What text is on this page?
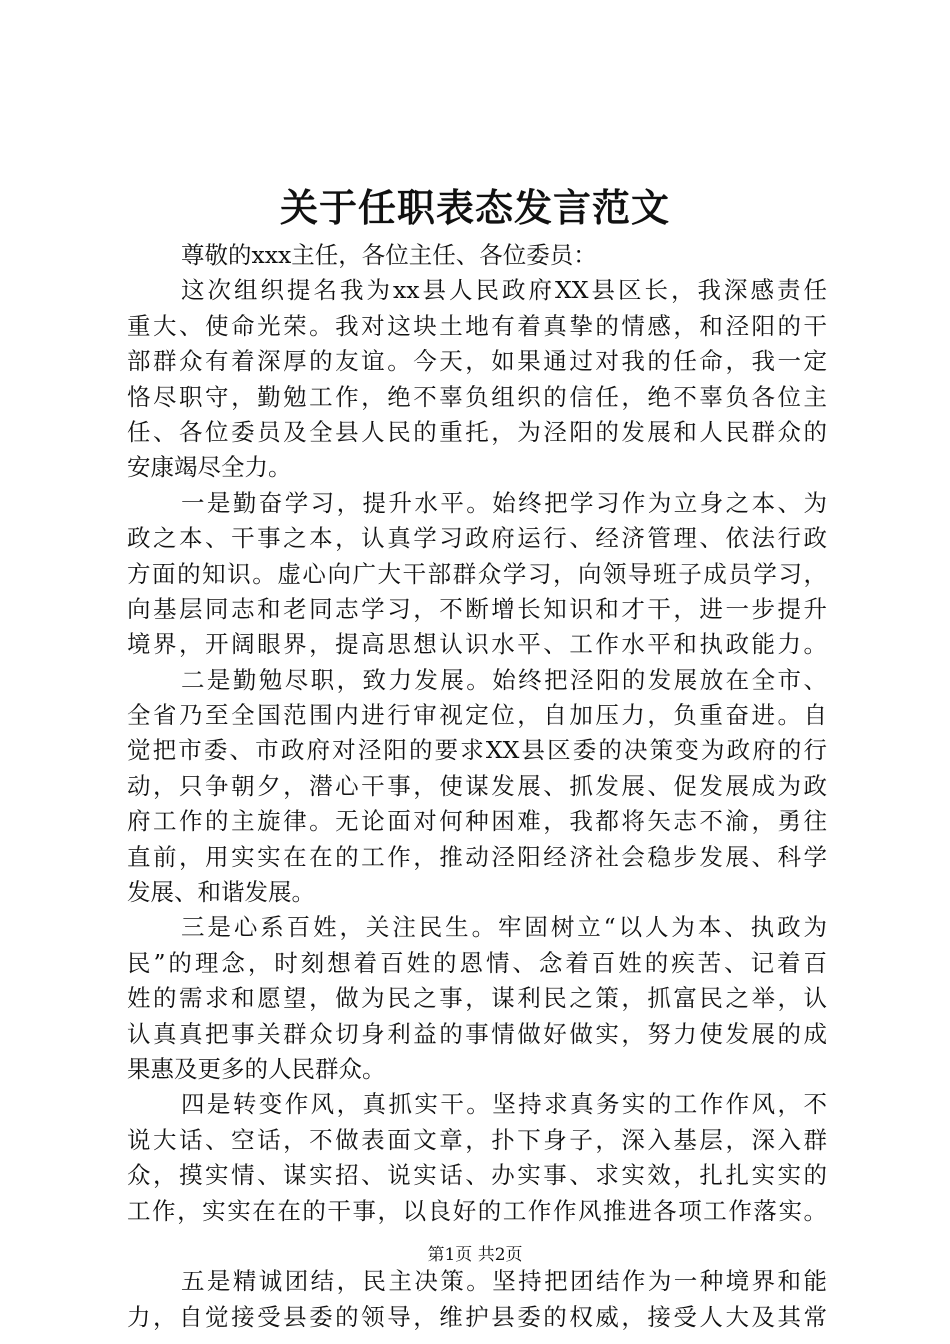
关于任职表态发言范文
尊敬的xxx主任，各位主任、各位委员：
这次组织提名我为xx县人民政府XX县区长，我深感责任
重大、使命光荣。我对这块土地有着真挚的情感，和泾阳的干
部群众有着深厚的友谊。今天，如果通过对我的任命，我一定
恪尽职守，勤勉工作，绝不辜负组织的信任，绝不辜负各位主
任、各位委员及全县人民的重托，为泾阳的发展和人民群众的
安康竭尽全力。
一是勤奋学习，提升水平。始终把学习作为立身之本、为
政之本、干事之本，认真学习政府运行、经济管理、依法行政
方面的知识。虚心向广大干部群众学习，向领导班子成员学习，
向基层同志和老同志学习，不断增长知识和才干，进一步提升
境界，开阔眼界，提高思想认识水平、工作水平和执政能力。
二是勤勉尽职，致力发展。始终把泾阳的发展放在全市、
全省乃至全国范围内进行审视定位，自加压力，负重奋进。自
觉把市委、市政府对泾阳的要求XX县区委的决策变为政府的行
动，只争朝夕，潜心干事，使谋发展、抓发展、促发展成为政
府工作的主旋律。无论面对何种困难，我都将矢志不渝，勇往
直前，用实实在在的工作，推动泾阳经济社会稳步发展、科学
发展、和谐发展。
三是心系百姓，关注民生。牢固树立“以人为本、执政为
民”的理念，时刻想着百姓的恩情、念着百姓的疾苦、记着百
姓的需求和愿望，做为民之事，谋利民之策，抓富民之举，认
认真真把事关群众切身利益的事情做好做实，努力使发展的成
果惠及更多的人民群众。
四是转变作风，真抓实干。坚持求真务实的工作作风，不
说大话、空话，不做表面文章，扑下身子，深入基层，深入群
众，摸实情、谋实招、说实话、办实事、求实效，扎扎实实的
工作，实实在在的干事，以良好的工作作风推进各项工作落实。
五是精诚团结，民主决策。坚持把团结作为一种境界和能
力，自觉接受县委的领导，维护县委的权威，接受人大及其常
第1页 共2页
